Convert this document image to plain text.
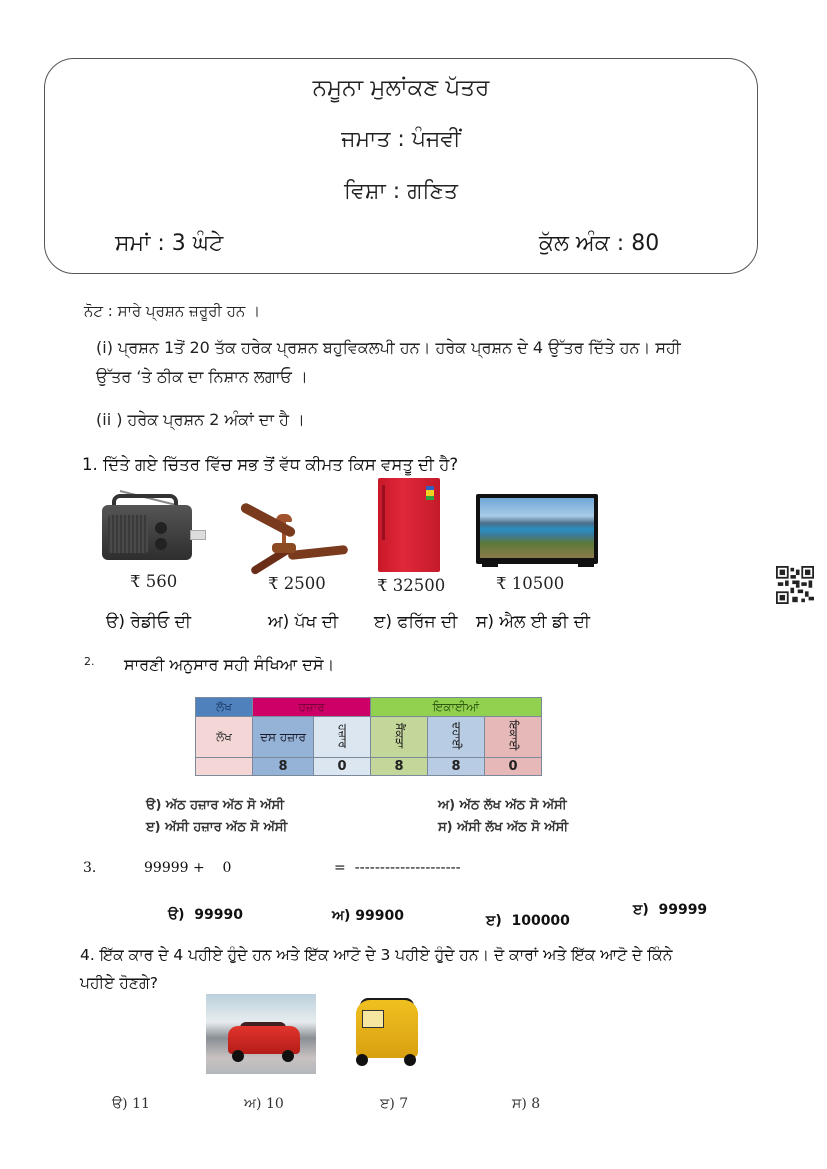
ਨਮੂਨਾ ਮੁਲਾਂਕਣ ਪੱਤਰ
ਜਮਾਤ : ਪੰਜਵੀਂ
ਵਿਸ਼ਾ : ਗਣਿਤ
ਸਮਾਂ : 3 ਘੰਟੇ	ਕੁੱਲ ਅੰਕ : 80
ਨੋਟ : ਸਾਰੇ ਪ੍ਰਸ਼ਨ ਜ਼ਰੂਰੀ ਹਨ ।
(i) ਪ੍ਰਸ਼ਨ 1ਤੋਂ 20 ਤੱਕ ਹਰੇਕ ਪ੍ਰਸ਼ਨ ਬਹੁਵਿਕਲਪੀ ਹਨ। ਹਰੇਕ ਪ੍ਰਸ਼ਨ ਦੇ 4 ਉੱਤਰ ਦਿੱਤੇ ਹਨ। ਸਹੀ
ਉੱਤਰ ‘ਤੇ ਠੀਕ ਦਾ ਨਿਸ਼ਾਨ ਲਗਾਓ ।
(ii ) ਹਰੇਕ ਪ੍ਰਸ਼ਨ 2 ਅੰਕਾਂ ਦਾ ਹੈ ।
1. ਦਿੱਤੇ ਗਏ ਚਿੱਤਰ ਵਿੱਚ ਸਭ ਤੋਂ ਵੱਧ ਕੀਮਤ ਕਿਸ ਵਸਤੂ ਦੀ ਹੈ?
₹ 560	₹ 2500	₹ 32500	₹ 10500
ੳ) ਰੇਡੀਓ ਦੀ	ਅ) ਪੱਖ ਦੀ ੲ) ਫਰਿੱਜ ਦੀ ਸ) ਐਲ ਈ ਡੀ ਦੀ
2. ਸਾਰਣੀ ਅਨੁਸਾਰ ਸਹੀ ਸੰਖਿਆ ਦਸੋ।
ਲੱਖ	ਹਜ਼ਾਰ		ਇਕਾਈਆਂ		
ਲੱਖ	ਦਸ ਹਜ਼ਾਰ	ਹਜ਼ਾਰ	ਸੈਂਕੜਾ	ਦਹਾਈ	ਇਕਾਈ
	8	0	8	8	0
ੳ) ਅੱਠ ਹਜ਼ਾਰ ਅੱਠ ਸੋ ਅੱਸੀ	ਅ) ਅੱਠ ਲੱਖ ਅੱਠ ਸੋ ਅੱਸੀ
ੲ) ਅੱਸੀ ਹਜ਼ਾਰ ਅੱਠ ਸੋ ਅੱਸੀ	ਸ) ਅੱਸੀ ਲੱਖ ਅੱਠ ਸੋ ਅੱਸੀ
3.	99999 +    0	=  ---------------------
ੳ)  99990	ਅ) 99900	ੲ)  100000
ੲ)  99999
4. ਇੱਕ ਕਾਰ ਦੇ 4 ਪਹੀਏ ਹੁੰਦੇ ਹਨ ਅਤੇ ਇੱਕ ਆਟੋ ਦੇ 3 ਪਹੀਏ ਹੁੰਦੇ ਹਨ। ਦੋ ਕਾਰਾਂ ਅਤੇ ਇੱਕ ਆਟੋ ਦੇ ਕਿੰਨੇ
ਪਹੀਏ ਹੋਣਗੇ?
ੳ) 11	ਅ) 10	ੲ) 7	ਸ) 8
